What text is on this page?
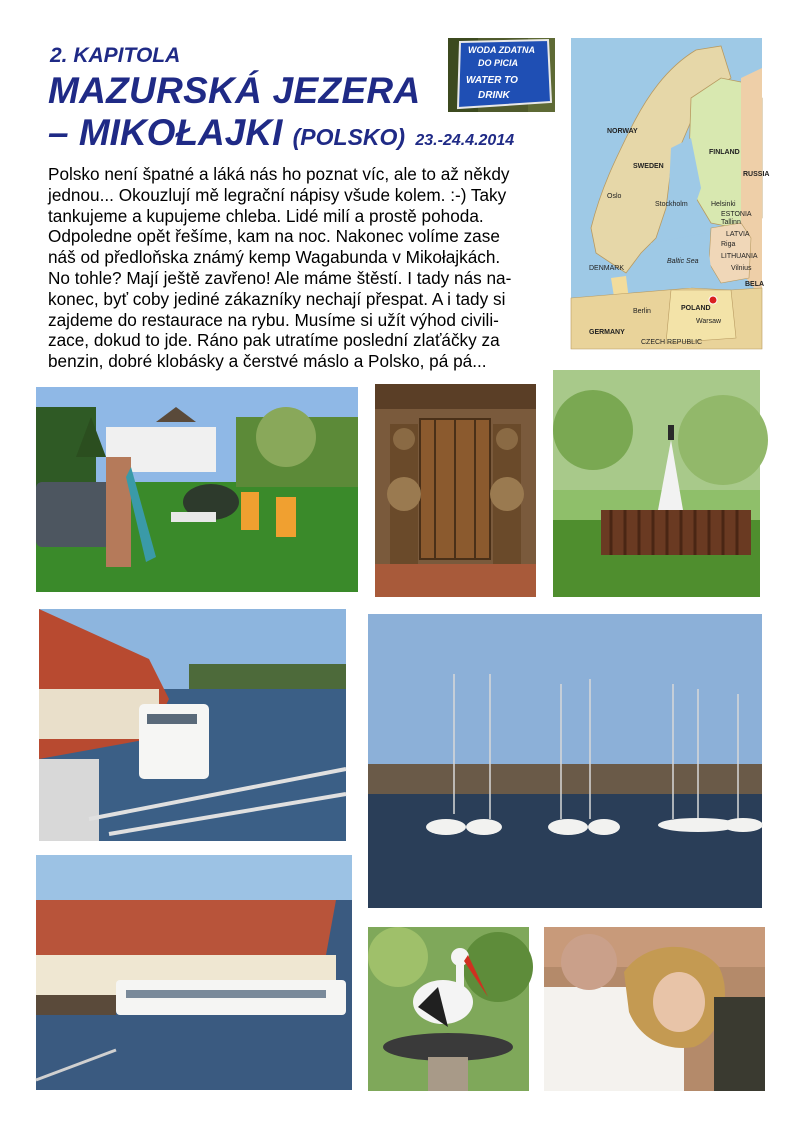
2. KAPITOLA
MAZURSKÁ JEZERA
– MIKOŁAJKI (POLSKO) 23.-24.4.2014
Polsko není špatné a láká nás ho poznat víc, ale to až někdy
jednou... Okouzlují mě legrační nápisy všude kolem. :-) Taky
tankujeme a kupujeme chleba. Lidé milí a prostě pohoda.
Odpoledne opět řešíme, kam na noc. Nakonec volíme zase
náš od předloňska známý kemp Wagabunda v Mikołajkách.
No tohle? Mají ještě zavřeno! Ale máme štěstí. I tady nás na-
konec, byť coby jediné zákazníky nechají přespat. A i tady si
zajdeme do restaurace na rybu. Musíme si užít výhod civili-
zace, dokud to jde. Ráno pak utratíme poslední zlaťáčky za
benzin, dobré klobásky a čerstvé máslo a Polsko, pá pá...
WODA ZDATNA
DO PICIA
WATER TO
DRINK
NORWAY
SWEDEN
FINLAND
RUSSIA
ESTONIA
LATVIA
LITHUANIA
DENMARK
POLAND
GERMANY
CZECH REPUBLIC
BELA
Stockholm	Helsinki
Oslo
Riga
Vilnius
Warsaw
Berlin
Tallinn
Baltic Sea
